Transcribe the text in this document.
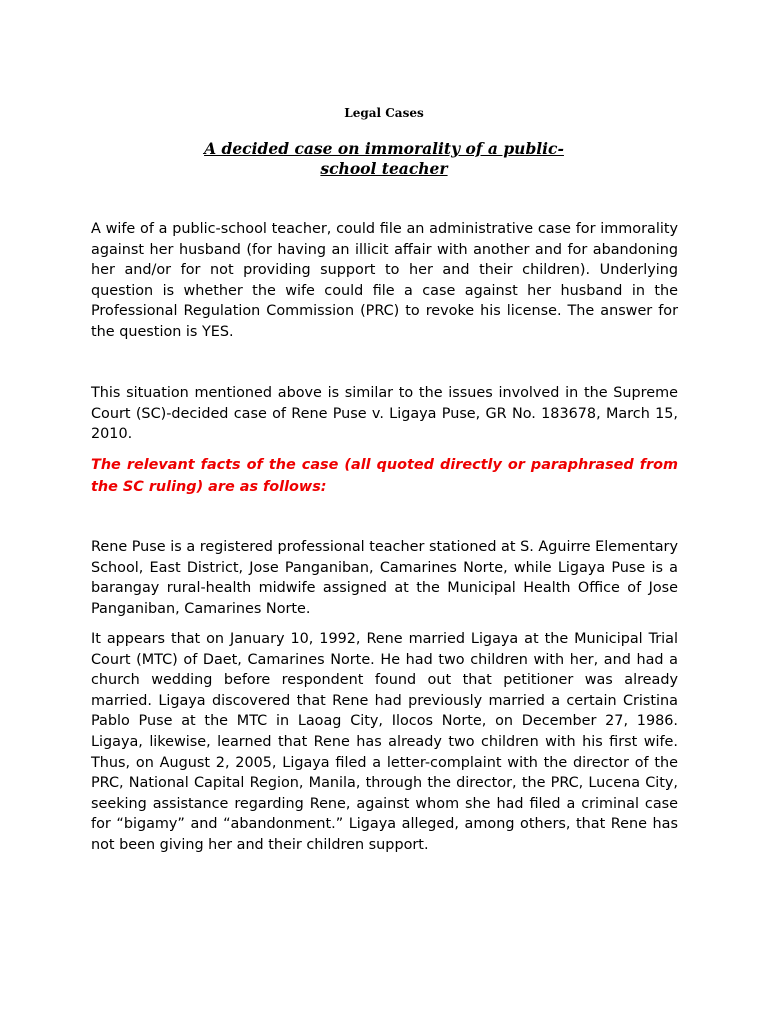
Legal Cases
A decided case on immorality of a public-school teacher

A wife of a public-school teacher, could file an administrative case for immorality against her husband (for having an illicit affair with another and for abandoning her and/or for not providing support to her and their children). Underlying question is whether the wife could file a case against her husband in the Professional Regulation Commission (PRC) to revoke his license. The answer for the question is YES.

This situation mentioned above is similar to the issues involved in the Supreme Court (SC)-decided case of Rene Puse v. Ligaya Puse, GR No. 183678, March 15, 2010.

The relevant facts of the case (all quoted directly or paraphrased from the SC ruling) are as follows:

Rene Puse is a registered professional teacher stationed at S. Aguirre Elementary School, East District, Jose Panganiban, Camarines Norte, while Ligaya Puse is a barangay rural-health midwife assigned at the Municipal Health Office of Jose Panganiban, Camarines Norte.

It appears that on January 10, 1992, Rene married Ligaya at the Municipal Trial Court (MTC) of Daet, Camarines Norte. He had two children with her, and had a church wedding before respondent found out that petitioner was already married. Ligaya discovered that Rene had previously married a certain Cristina Pablo Puse at the MTC in Laoag City, Ilocos Norte, on December 27, 1986. Ligaya, likewise, learned that Rene has already two children with his first wife. Thus, on August 2, 2005, Ligaya filed a letter-complaint with the director of the PRC, National Capital Region, Manila, through the director, the PRC, Lucena City, seeking assistance regarding Rene, against whom she had filed a criminal case for “bigamy” and “abandonment.” Ligaya alleged, among others, that Rene has not been giving her and their children support.
